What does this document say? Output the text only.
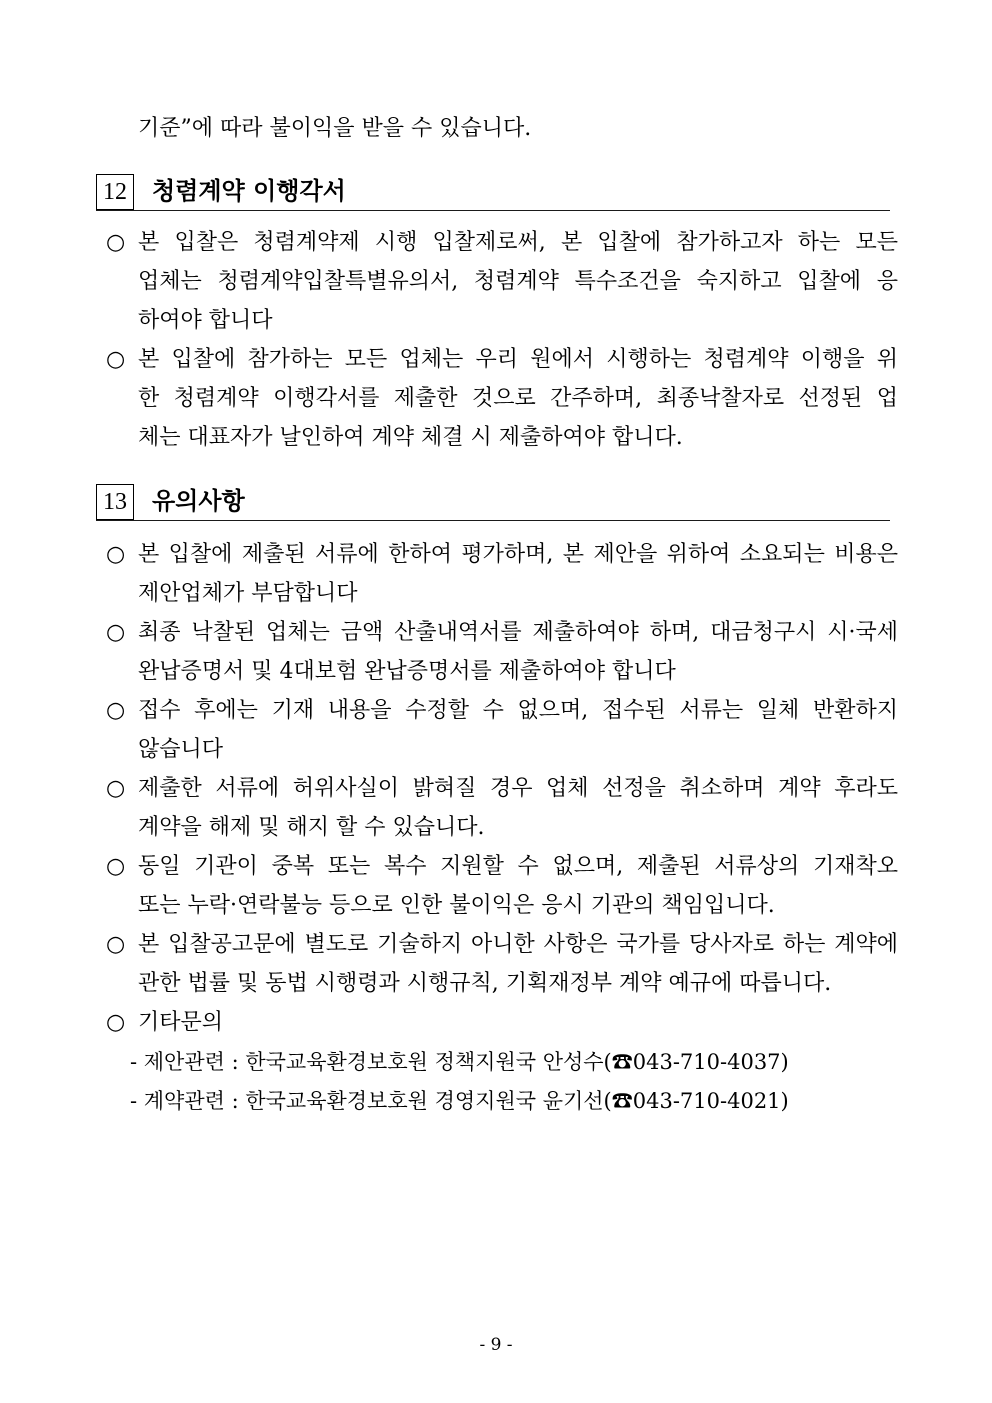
기준”에 따라 불이익을 받을 수 있습니다.
12 청렴계약 이행각서
○ 본 입찰은 청렴계약제 시행 입찰제로써, 본 입찰에 참가하고자 하는 모든
업체는 청렴계약입찰특별유의서, 청렴계약 특수조건을 숙지하고 입찰에 응
하여야 합니다
○ 본 입찰에 참가하는 모든 업체는 우리 원에서 시행하는 청렴계약 이행을 위
한 청렴계약 이행각서를 제출한 것으로 간주하며, 최종낙찰자로 선정된 업
체는 대표자가 날인하여 계약 체결 시 제출하여야 합니다.
13 유의사항
○ 본 입찰에 제출된 서류에 한하여 평가하며, 본 제안을 위하여 소요되는 비용은
제안업체가 부담합니다
○ 최종 낙찰된 업체는 금액 산출내역서를 제출하여야 하며, 대금청구시 시·국세
완납증명서 및 4대보험 완납증명서를 제출하여야 합니다
○ 접수 후에는 기재 내용을 수정할 수 없으며, 접수된 서류는 일체 반환하지
않습니다
○ 제출한 서류에 허위사실이 밝혀질 경우 업체 선정을 취소하며 계약 후라도
계약을 해제 및 해지 할 수 있습니다.
○ 동일 기관이 중복 또는 복수 지원할 수 없으며, 제출된 서류상의 기재착오
또는 누락·연락불능 등으로 인한 불이익은 응시 기관의 책임입니다.
○ 본 입찰공고문에 별도로 기술하지 아니한 사항은 국가를 당사자로 하는 계약에
관한 법률 및 동법 시행령과 시행규칙, 기획재정부 계약 예규에 따릅니다.
○ 기타문의
- 제안관련 : 한국교육환경보호원 정책지원국 안성수(☎043-710-4037)
- 계약관련 : 한국교육환경보호원 경영지원국 윤기선(☎043-710-4021)
- 9 -
